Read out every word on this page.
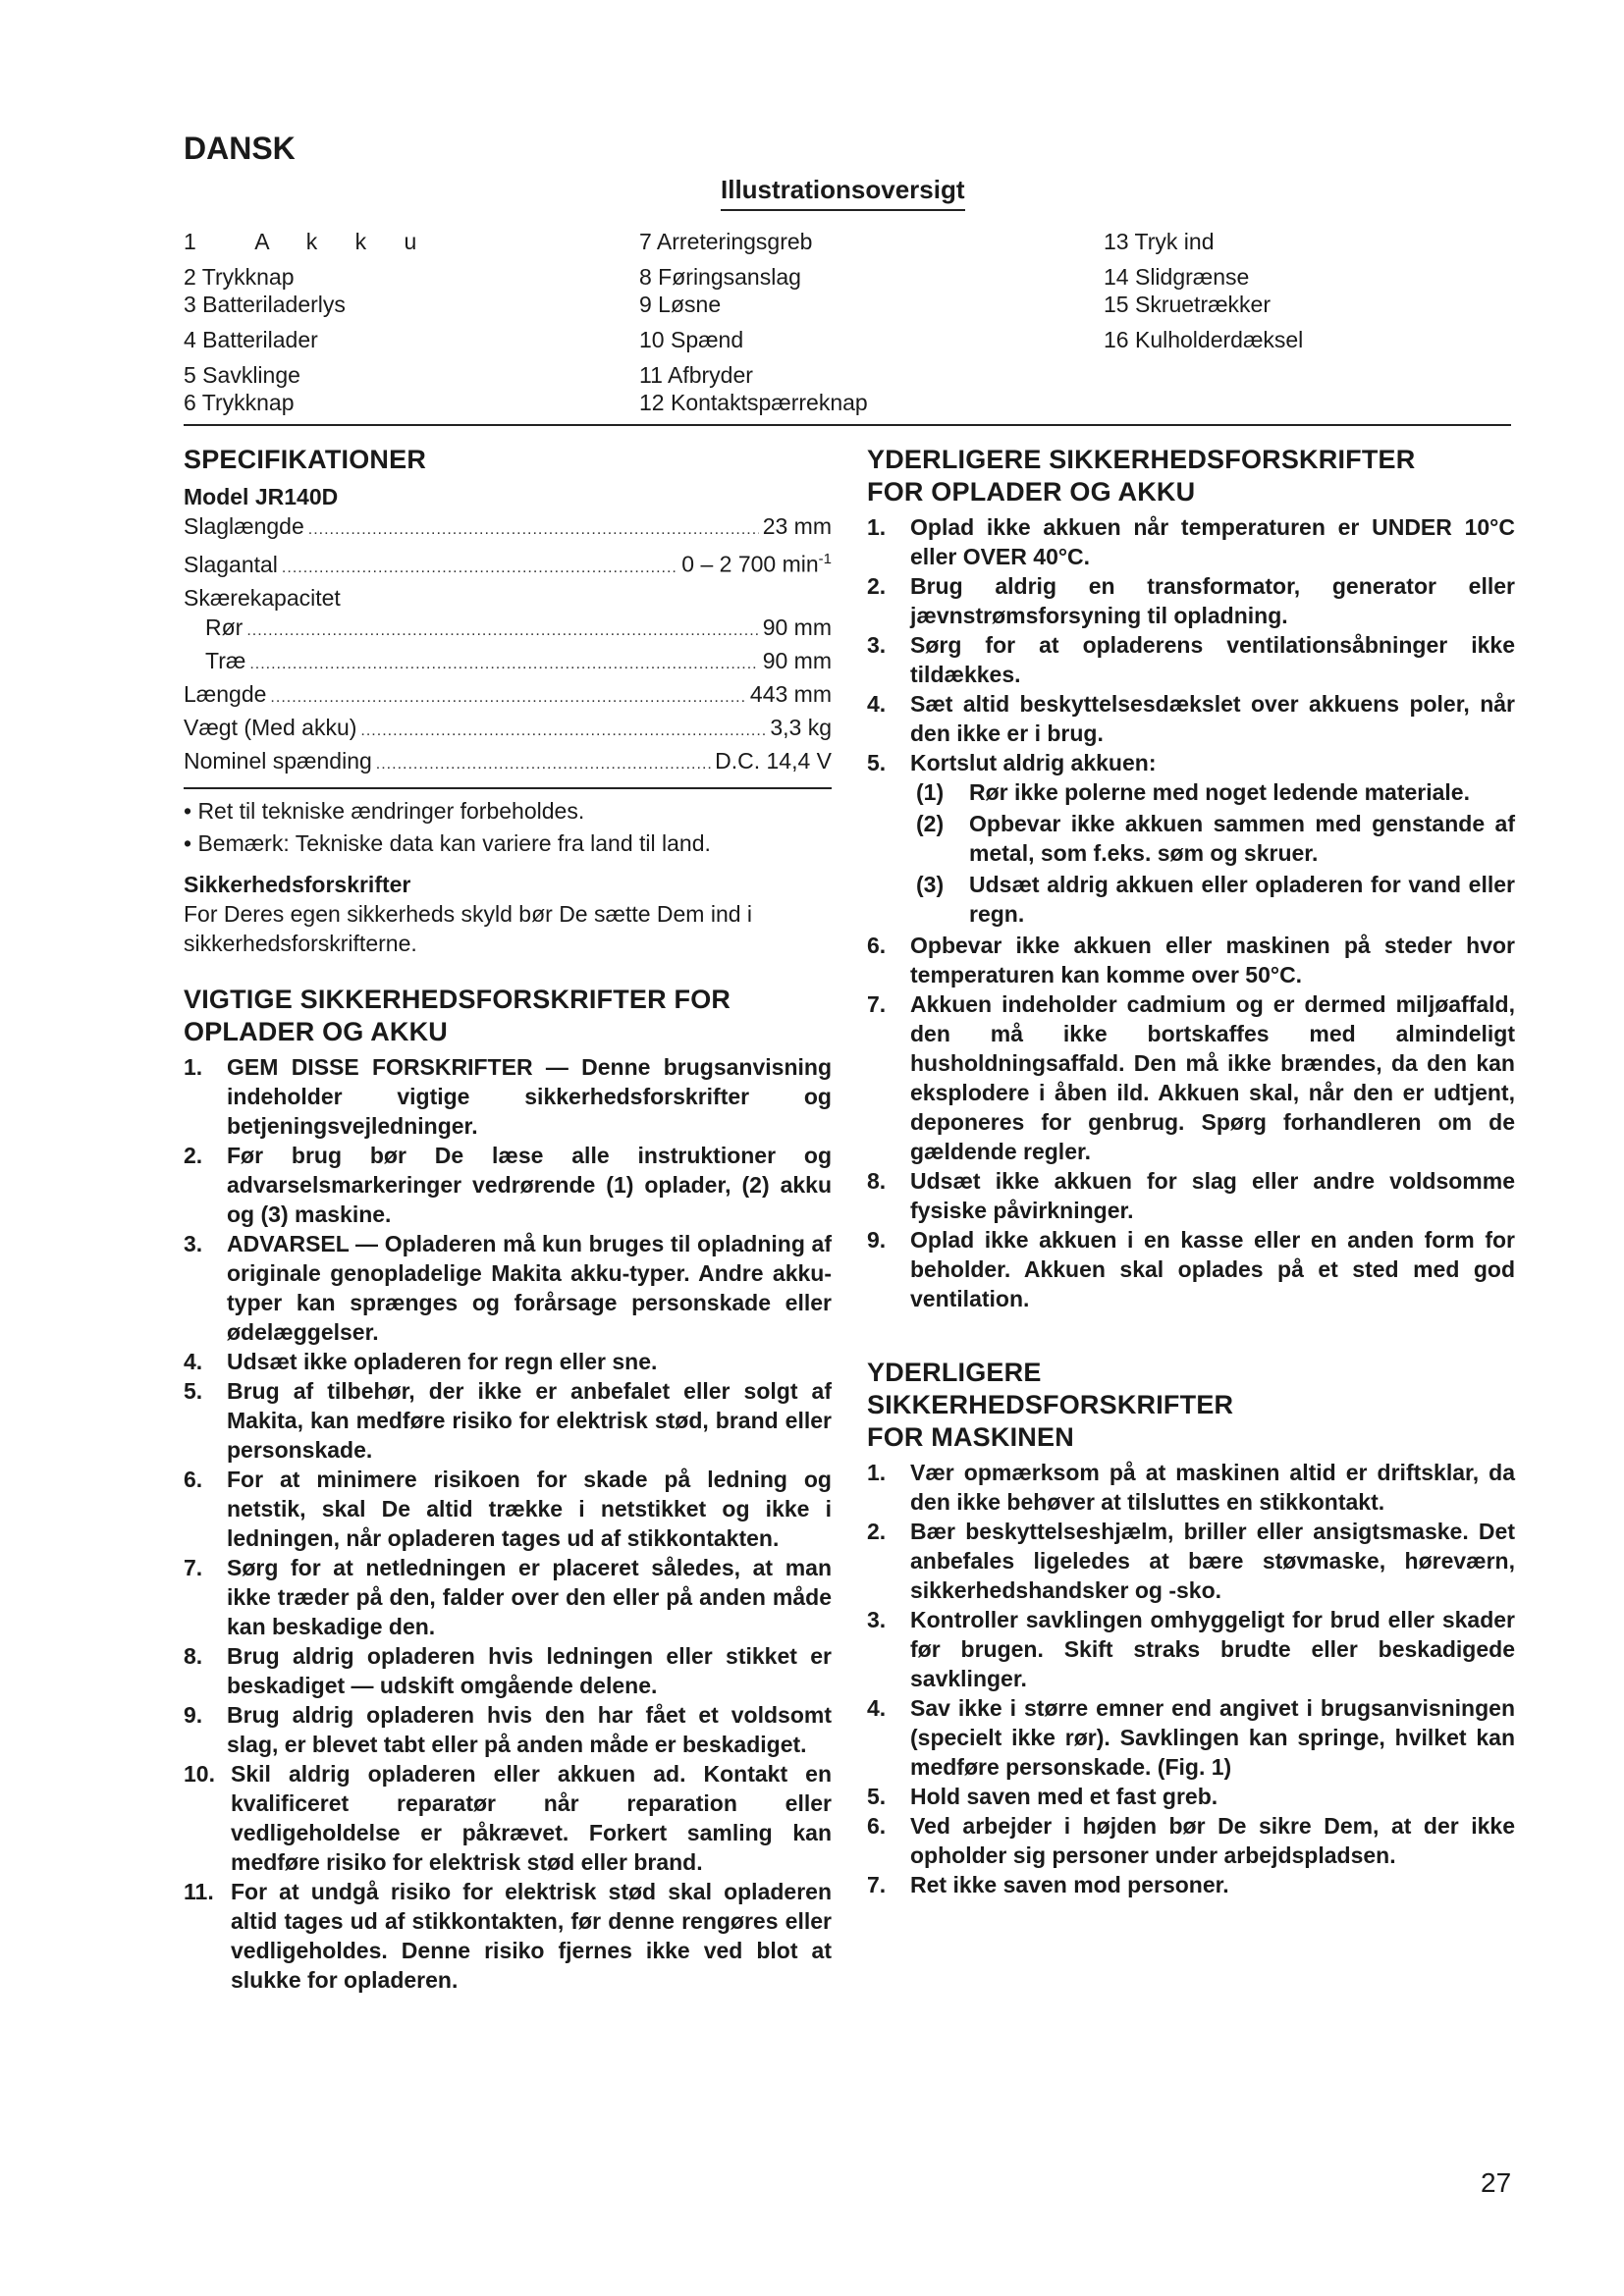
DANSK
Illustrationsoversigt
1  A k k u
2 Trykknap
3 Batteriladerlys
4 Batterilader
5 Savklinge
6 Trykknap
7 Arreteringsgreb
8 Føringsanslag
9 Løsne
10 Spænd
11 Afbryder
12 Kontaktspærreknap
13 Tryk ind
14 Slidgrænse
15 Skruetrækker
16 Kulholderdæksel
SPECIFIKATIONER
Model JR140D
Slaglængde .....	23 mm
Slagantal .....	0 – 2 700 $\min^{-1}$
Skærekapacitet
Rør .....	90 mm
Træ .....	90 mm
Længde .....	443 mm
Vægt (Med akku) .....	3,3 kg
Nominel spænding .....	D.C. 14,4 V
• Ret til tekniske ændringer forbeholdes.
• Bemærk: Tekniske data kan variere fra land til land.
Sikkerhedsforskrifter
For Deres egen sikkerheds skyld bør De sætte Dem ind i sikkerhedsforskrifterne.
VIGTIGE SIKKERHEDSFORSKRIFTER FOR OPLADER OG AKKU
1.	GEM DISSE FORSKRIFTER — Denne brugsanvisning indeholder vigtige sikkerhedsforskrifter og betjeningsvejledninger.
2.	Før brug bør De læse alle instruktioner og advarselsmarkeringer vedrørende (1) oplader, (2) akku og (3) maskine.
3.	ADVARSEL — Opladeren må kun bruges til opladning af originale genopladelige Makita akku-typer. Andre akku-typer kan sprænges og forårsage personskade eller ødelæggelser.
4.	Udsæt ikke opladeren for regn eller sne.
5.	Brug af tilbehør, der ikke er anbefalet eller solgt af Makita, kan medføre risiko for elektrisk stød, brand eller personskade.
6.	For at minimere risikoen for skade på ledning og netstik, skal De altid trække i netstikket og ikke i ledningen, når opladeren tages ud af stikkontakten.
7.	Sørg for at netledningen er placeret således, at man ikke træder på den, falder over den eller på anden måde kan beskadige den.
8.	Brug aldrig opladeren hvis ledningen eller stikket er beskadiget — udskift omgående delene.
9.	Brug aldrig opladeren hvis den har fået et voldsomt slag, er blevet tabt eller på anden måde er beskadiget.
10. Skil aldrig opladeren eller akkuen ad. Kontakt en kvalificeret reparatør når reparation eller vedligeholdelse er påkrævet. Forkert samling kan medføre risiko for elektrisk stød eller brand.
11. For at undgå risiko for elektrisk stød skal opladeren altid tages ud af stikkontakten, før denne rengøres eller vedligeholdes. Denne risiko fjernes ikke ved blot at slukke for opladeren.
YDERLIGERE SIKKERHEDSFORSKRIFTER
FOR OPLADER OG AKKU
1.	Oplad ikke akkuen når temperaturen er UNDER 10°C eller OVER 40°C.
2.	Brug aldrig en transformator, generator eller jævnstrømsforsyning til opladning.
3.	Sørg for at opladerens ventilationsåbninger ikke tildækkes.
4.	Sæt altid beskyttelsesdækslet over akkuens poler, når den ikke er i brug.
5.	Kortslut aldrig akkuen:
(1)	Rør ikke polerne med noget ledende materiale.
(2)	Opbevar ikke akkuen sammen med genstande af metal, som f.eks. søm og skruer.
(3)	Udsæt aldrig akkuen eller opladeren for vand eller regn.
6.	Opbevar ikke akkuen eller maskinen på steder hvor temperaturen kan komme over 50°C.
7.	Akkuen indeholder cadmium og er dermed miljøaffald, den må ikke bortskaffes med almindeligt husholdningsaffald. Den må ikke brændes, da den kan eksplodere i åben ild. Akkuen skal, når den er udtjent, deponeres for genbrug. Spørg forhandleren om de gældende regler.
8.	Udsæt ikke akkuen for slag eller andre voldsomme fysiske påvirkninger.
9.	Oplad ikke akkuen i en kasse eller en anden form for beholder. Akkuen skal oplades på et sted med god ventilation.
YDERLIGERE
SIKKERHEDSFORSKRIFTER
FOR MASKINEN
1.	Vær opmærksom på at maskinen altid er driftsklar, da den ikke behøver at tilsluttes en stikkontakt.
2.	Bær beskyttelseshjælm, briller eller ansigtsmaske. Det anbefales ligeledes at bære støvmaske, høreværn, sikkerhedshandsker og -sko.
3.	Kontroller savklingen omhyggeligt for brud eller skader før brugen. Skift straks brudte eller beskadigede savklinger.
4.	Sav ikke i større emner end angivet i brugsanvisningen (specielt ikke rør). Savklingen kan springe, hvilket kan medføre personskade. (Fig. 1)
5.	Hold saven med et fast greb.
6.	Ved arbejder i højden bør De sikre Dem, at der ikke opholder sig personer under arbejdspladsen.
7.	Ret ikke saven mod personer.
27
